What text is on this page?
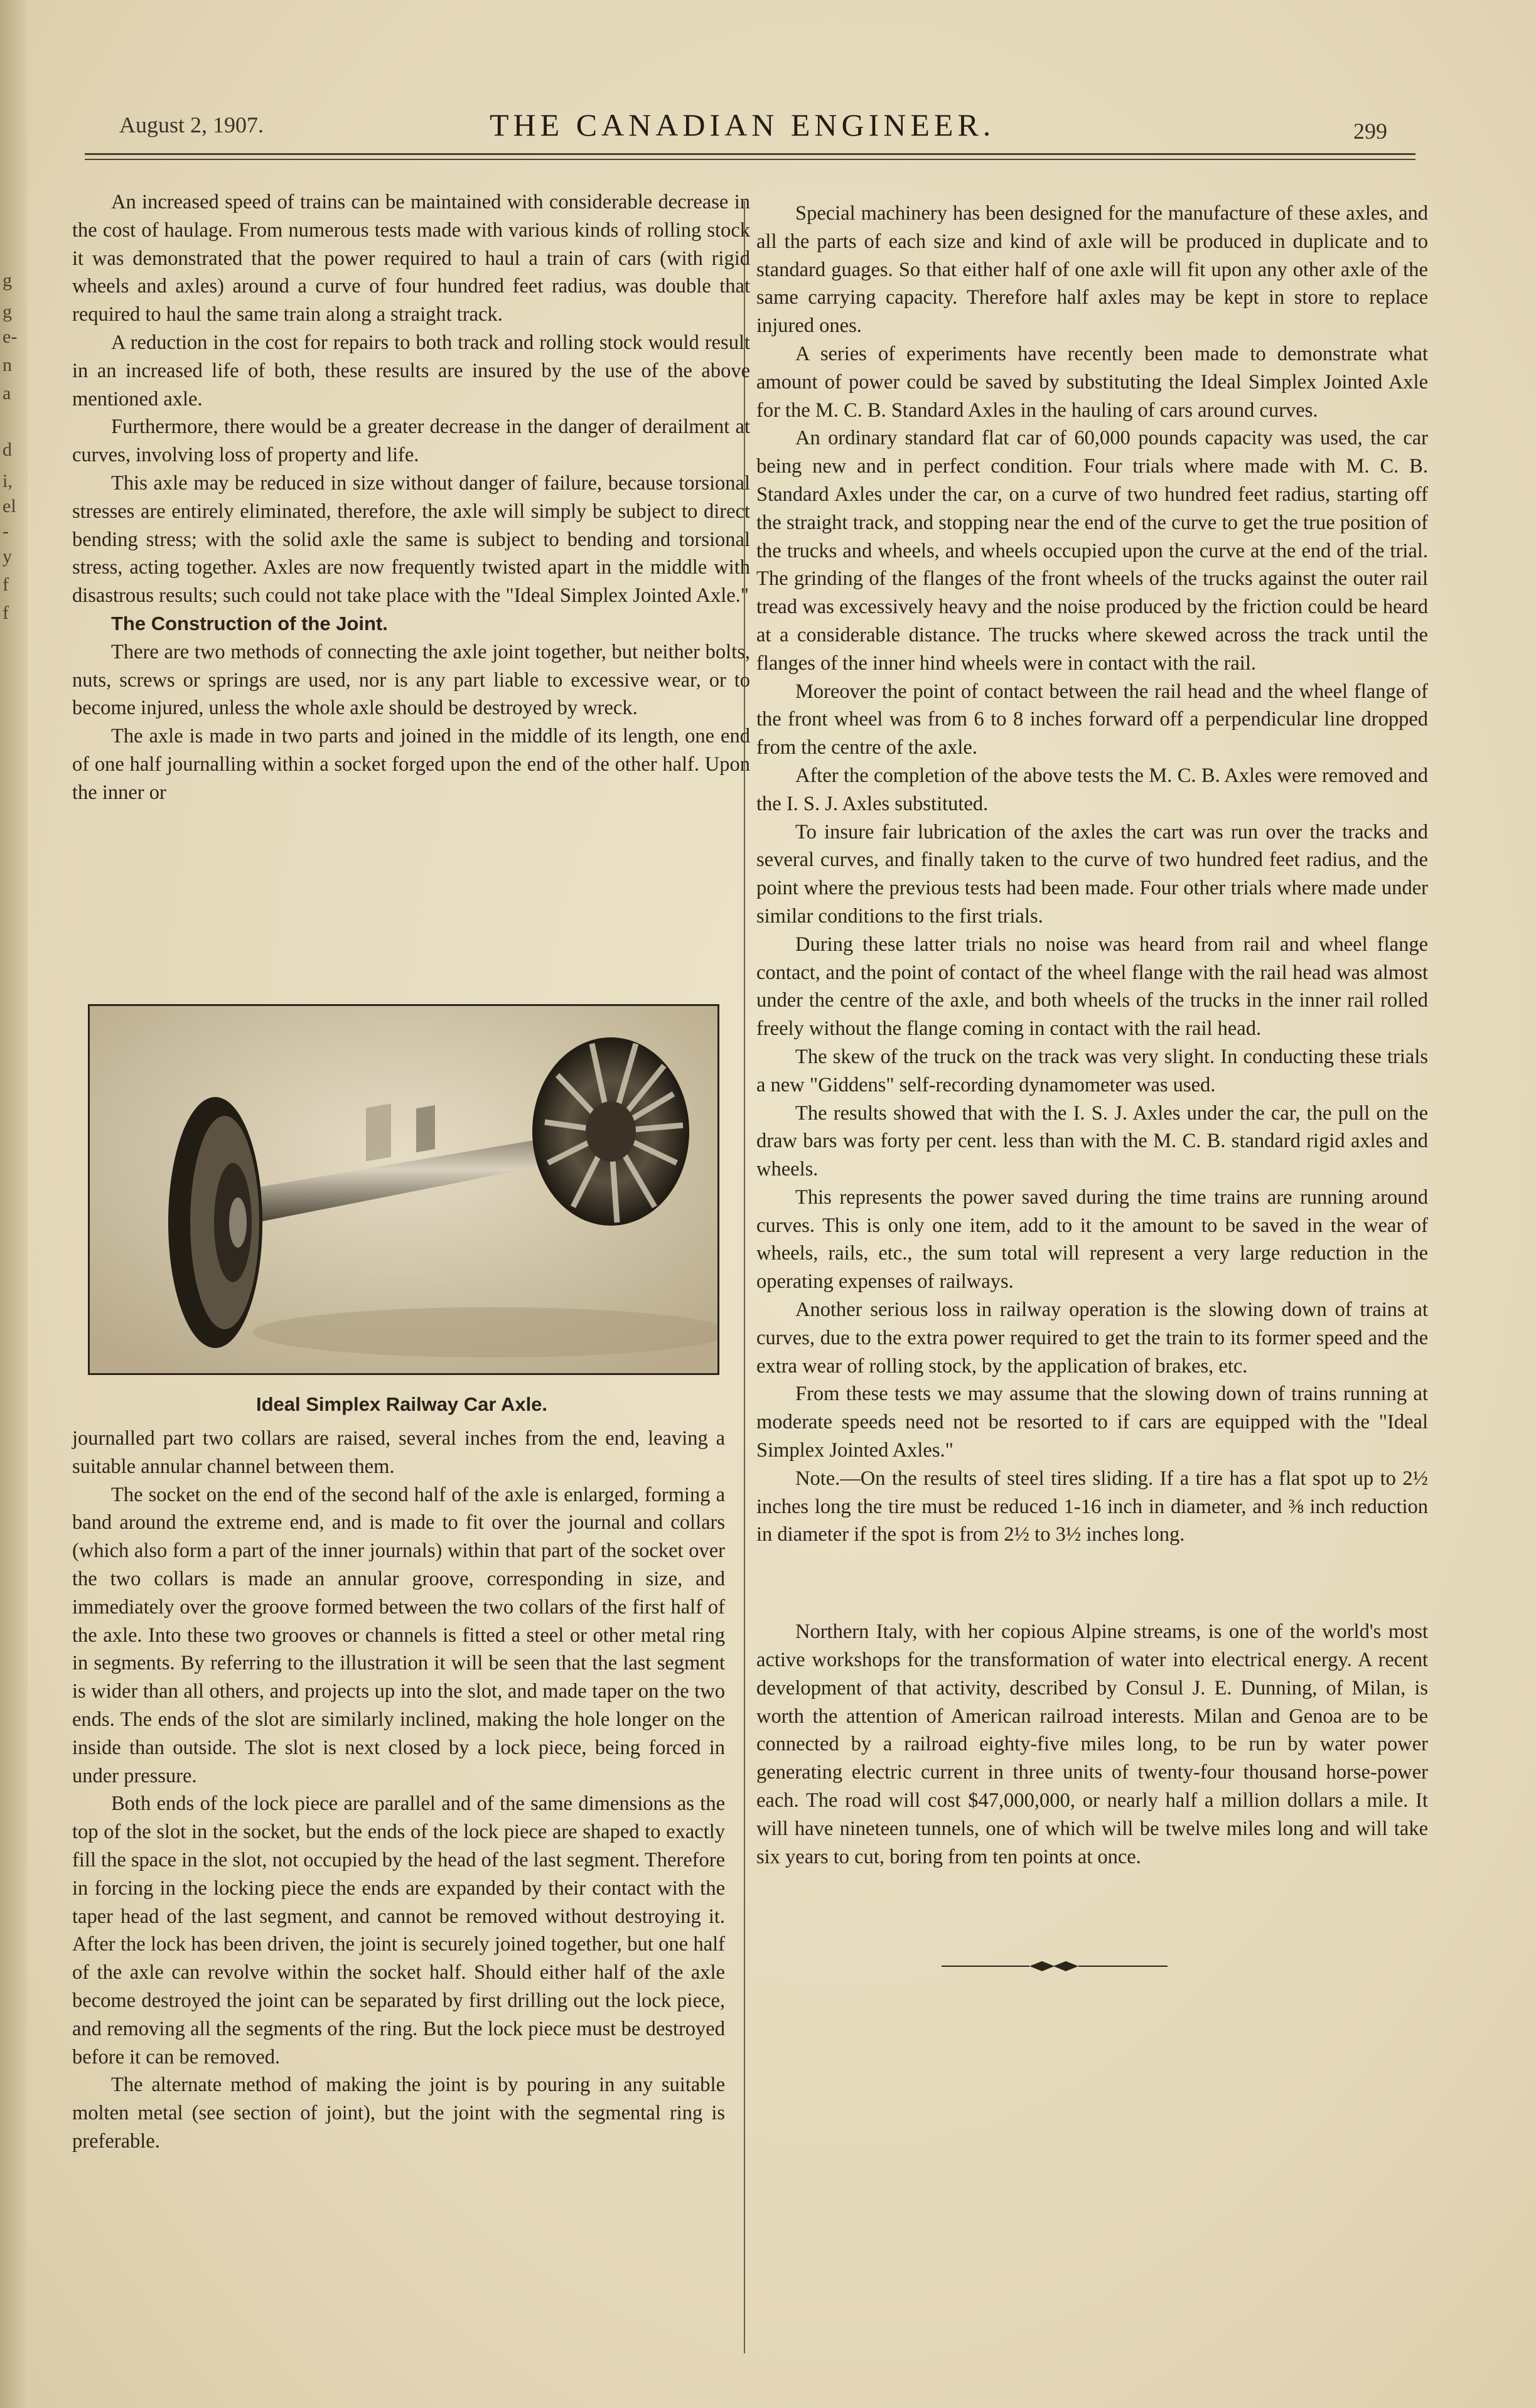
g
g
e-
n
a
d
i,
el
-
y
f
f
August 2, 1907.	THE CANADIAN ENGINEER.	299

An increased speed of trains can be maintained with considerable decrease in the cost of haulage. From numerous tests made with various kinds of rolling stock it was demonstrated that the power required to haul a train of cars (with rigid wheels and axles) around a curve of four hundred feet radius, was double that required to haul the same train along a straight track.

A reduction in the cost for repairs to both track and rolling stock would result in an increased life of both, these results are insured by the use of the above mentioned axle.

Furthermore, there would be a greater decrease in the danger of derailment at curves, involving loss of property and life.

This axle may be reduced in size without danger of failure, because torsional stresses are entirely eliminated, therefore, the axle will simply be subject to direct bending stress; with the solid axle the same is subject to bending and torsional stress, acting together. Axles are now frequently twisted apart in the middle with disastrous results; such could not take place with the "Ideal Simplex Jointed Axle."

The Construction of the Joint.

There are two methods of connecting the axle joint together, but neither bolts, nuts, screws or springs are used, nor is any part liable to excessive wear, or to become injured, unless the whole axle should be destroyed by wreck.

The axle is made in two parts and joined in the middle of its length, one end of one half journalling within a socket forged upon the end of the other half. Upon the inner or

Ideal Simplex Railway Car Axle.

journalled part two collars are raised, several inches from the end, leaving a suitable annular channel between them.

The socket on the end of the second half of the axle is enlarged, forming a band around the extreme end, and is made to fit over the journal and collars (which also form a part of the inner journals) within that part of the socket over the two collars is made an annular groove, corresponding in size, and immediately over the groove formed between the two collars of the first half of the axle. Into these two grooves or channels is fitted a steel or other metal ring in segments. By referring to the illustration it will be seen that the last segment is wider than all others, and projects up into the slot, and made taper on the two ends. The ends of the slot are similarly inclined, making the hole longer on the inside than outside. The slot is next closed by a lock piece, being forced in under pressure.

Both ends of the lock piece are parallel and of the same dimensions as the top of the slot in the socket, but the ends of the lock piece are shaped to exactly fill the space in the slot, not occupied by the head of the last segment. Therefore in forcing in the locking piece the ends are expanded by their contact with the taper head of the last segment, and cannot be removed without destroying it. After the lock has been driven, the joint is securely joined together, but one half of the axle can revolve within the socket half. Should either half of the axle become destroyed the joint can be separated by first drilling out the lock piece, and removing all the segments of the ring. But the lock piece must be destroyed before it can be removed.

The alternate method of making the joint is by pouring in any suitable molten metal (see section of joint), but the joint with the segmental ring is preferable.

Special machinery has been designed for the manufacture of these axles, and all the parts of each size and kind of axle will be produced in duplicate and to standard guages. So that either half of one axle will fit upon any other axle of the same carrying capacity. Therefore half axles may be kept in store to replace injured ones.

A series of experiments have recently been made to demonstrate what amount of power could be saved by substituting the Ideal Simplex Jointed Axle for the M. C. B. Standard Axles in the hauling of cars around curves.

An ordinary standard flat car of 60,000 pounds capacity was used, the car being new and in perfect condition. Four trials where made with M. C. B. Standard Axles under the car, on a curve of two hundred feet radius, starting off the straight track, and stopping near the end of the curve to get the true position of the trucks and wheels, and wheels occupied upon the curve at the end of the trial. The grinding of the flanges of the front wheels of the trucks against the outer rail tread was excessively heavy and the noise produced by the friction could be heard at a considerable distance. The trucks where skewed across the track until the flanges of the inner hind wheels were in contact with the rail.

Moreover the point of contact between the rail head and the wheel flange of the front wheel was from 6 to 8 inches forward off a perpendicular line dropped from the centre of the axle.

After the completion of the above tests the M. C. B. Axles were removed and the I. S. J. Axles substituted.

To insure fair lubrication of the axles the cart was run over the tracks and several curves, and finally taken to the curve of two hundred feet radius, and the point where the previous tests had been made. Four other trials where made under similar conditions to the first trials.

During these latter trials no noise was heard from rail and wheel flange contact, and the point of contact of the wheel flange with the rail head was almost under the centre of the axle, and both wheels of the trucks in the inner rail rolled freely without the flange coming in contact with the rail head.

The skew of the truck on the track was very slight. In conducting these trials a new "Giddens" self-recording dynamometer was used.

The results showed that with the I. S. J. Axles under the car, the pull on the draw bars was forty per cent. less than with the M. C. B. standard rigid axles and wheels.

This represents the power saved during the time trains are running around curves. This is only one item, add to it the amount to be saved in the wear of wheels, rails, etc., the sum total will represent a very large reduction in the operating expenses of railways.

Another serious loss in railway operation is the slowing down of trains at curves, due to the extra power required to get the train to its former speed and the extra wear of rolling stock, by the application of brakes, etc.

From these tests we may assume that the slowing down of trains running at moderate speeds need not be resorted to if cars are equipped with the "Ideal Simplex Jointed Axles."

Note.—On the results of steel tires sliding. If a tire has a flat spot up to 2½ inches long the tire must be reduced 1-16 inch in diameter, and ⅜ inch reduction in diameter if the spot is from 2½ to 3½ inches long.

Northern Italy, with her copious Alpine streams, is one of the world's most active workshops for the transformation of water into electrical energy. A recent development of that activity, described by Consul J. E. Dunning, of Milan, is worth the attention of American railroad interests. Milan and Genoa are to be connected by a railroad eighty-five miles long, to be run by water power generating electric current in three units of twenty-four thousand horse-power each. The road will cost $47,000,000, or nearly half a million dollars a mile. It will have nineteen tunnels, one of which will be twelve miles long and will take six years to cut, boring from ten points at once.
